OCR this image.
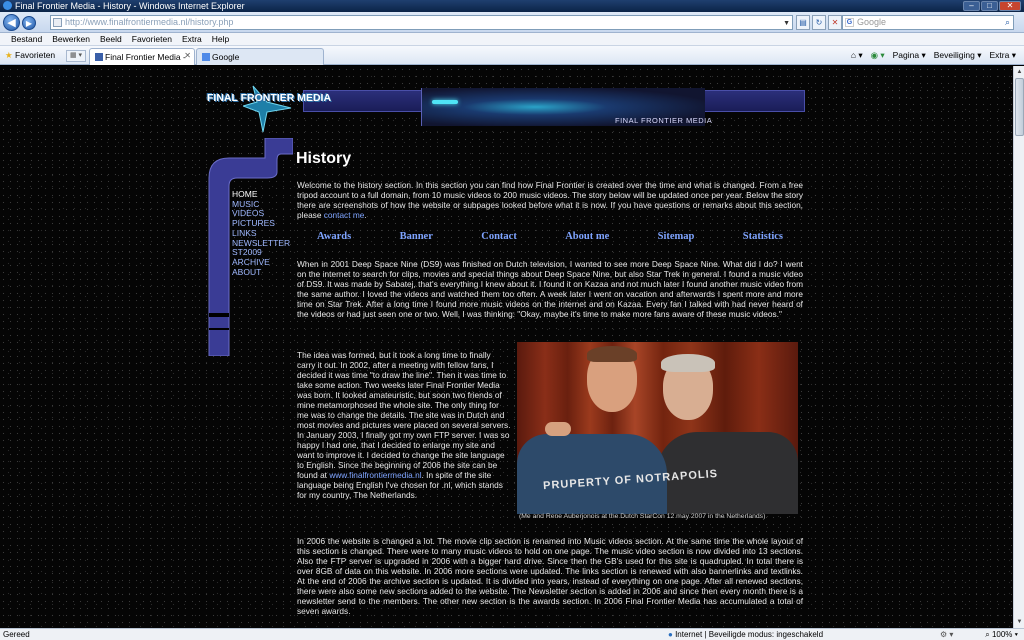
Final Frontier Media - History - Windows Internet Explorer	–	□	✕
◀	▶	http://www.finalfrontiermedia.nl/history.php	▼	▤	↻	✕	G Google	⌕
Bestand	Bewerken	Beeld	Favorieten	Extra	Help
★ Favorieten	▦ ▾	Final Frontier Media -
✕	Google	⌂ ▾ ◉ ▾ Pagina ▾ Beveiliging ▾ Extra ▾
FINAL FRONTIER MEDIA
FINAL FRONTIER MEDIA
HOME
MUSIC VIDEOS
PICTURES
LINKS
NEWSLETTER
ST2009
ARCHIVE
ABOUT
History
Welcome to the history section. In this section you can find how Final Frontier is created over the time and what is changed. From a free tripod account to a full domain, from 10 music videos to 200 music videos. The story below will be updated once per year. Below the story there are screenshots of how the website or subpages looked before what it is now. If you have questions or remarks about this section, please contact me.
Awards	Banner	Contact	About me	Sitemap	Statistics
When in 2001 Deep Space Nine (DS9) was finished on Dutch television, I wanted to see more Deep Space Nine. What did I do? I went on the internet to search for clips, movies and special things about Deep Space Nine, but also Star Trek in general. I found a music video of DS9. It was made by Sabatej, that's everything I knew about it. I found it on Kazaa and not much later I found another music video from the same author. I loved the videos and watched them too often. A week later I went on vacation and afterwards I spent more and more time on Star Trek. After a long time I found more music videos on the internet and on Kazaa. Every fan I talked with had never heard of the videos or had just seen one or two. Well, I was thinking: "Okay, maybe it's time to make more fans aware of these music videos."
The idea was formed, but it took a long time to finally carry it out. In 2002, after a meeting with fellow fans, I decided it was time "to draw the line". Then it was time to take some action. Two weeks later Final Frontier Media was born. It looked amateuristic, but soon two friends of mine metamorphosed the whole site. The only thing for me was to change the details. The site was in Dutch and most movies and pictures were placed on several servers. In January 2003, I finally got my own FTP server. I was so happy I had one, that I decided to enlarge my site and want to improve it. I decided to change the site language to English. Since the beginning of 2006 the site can be found at www.finalfrontiermedia.nl. In spite of the site language being English I've chosen for .nl, which stands for my country, The Netherlands.
PRUPERTY OF NOTRAPOLIS
(Me and Rene Auberjonois at the Dutch StarCon 12 may 2007 in the Netherlands)
In 2006 the website is changed a lot. The movie clip section is renamed into Music videos section. At the same time the whole layout of this section is changed. There were to many music videos to hold on one page. The music video section is now divided into 13 sections. Also the FTP server is upgraded in 2006 with a bigger hard drive. Since then the GB's used for this site is quadrupled. In total there is over 8GB of data on this website. In 2006 more sections were updated. The links section is renewed with also bannerlinks and textlinks. At the end of 2006 the archive section is updated. It is divided into years, instead of everything on one page. After all renewed sections, there were also some new sections added to the website. The Newsletter section is added in 2006 and since then every month there is a newsletter send to the members. The other new section is the awards section. In 2006 Final Frontier Media has accumulated a total of seven awards.
▲
▼
Gereed	● Internet | Beveiligde modus: ingeschakeld	⚙ ▾	⌕ 100% ▾
